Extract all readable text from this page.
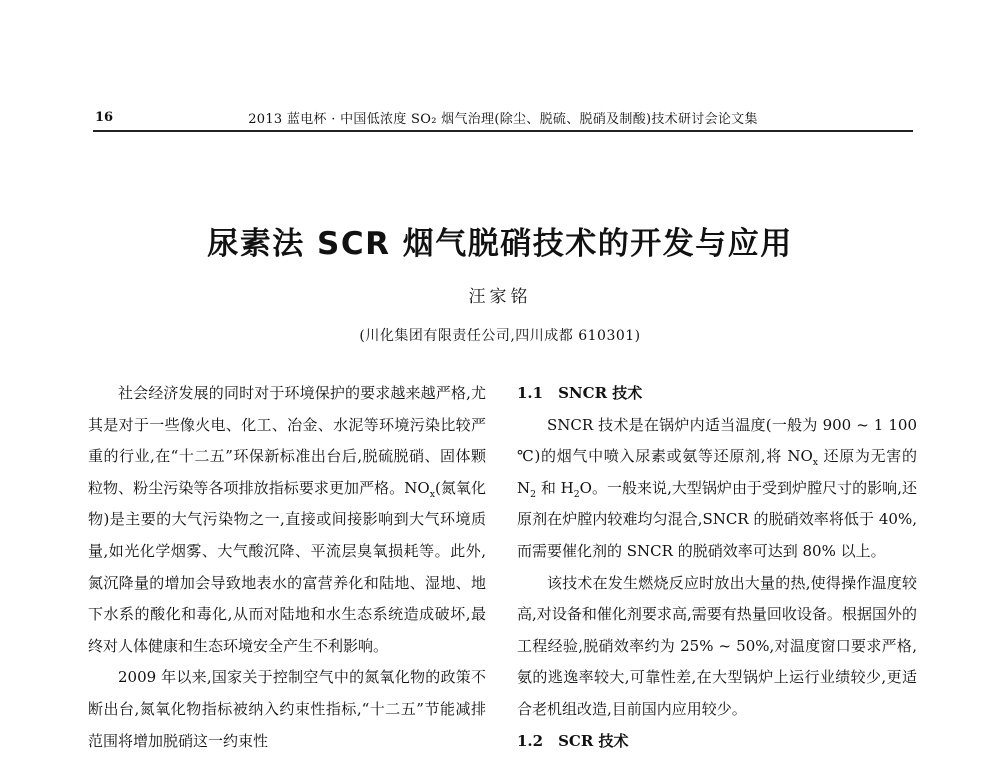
16	2013 蓝电杯 · 中国低浓度 SO₂ 烟气治理(除尘、脱硫、脱硝及制酸)技术研讨会论文集
尿素法 SCR 烟气脱硝技术的开发与应用
汪家铭
(川化集团有限责任公司,四川成都 610301)

社会经济发展的同时对于环境保护的要求越来越严格,尤其是对于一些像火电、化工、冶金、水泥等环境污染比较严重的行业,在“十二五”环保新标准出台后,脱硫脱硝、固体颗粒物、粉尘污染等各项排放指标要求更加严格。$NO_x$(氮氧化物)是主要的大气污染物之一,直接或间接影响到大气环境质量,如光化学烟雾、大气酸沉降、平流层臭氧损耗等。此外,氮沉降量的增加会导致地表水的富营养化和陆地、湿地、地下水系的酸化和毒化,从而对陆地和水生态系统造成破坏,最终对人体健康和生态环境安全产生不利影响。

2009 年以来,国家关于控制空气中的氮氧化物的政策不断出台,氮氧化物指标被纳入约束性指标,“十二五”节能减排范围将增加脱硝这一约束性

1.1　SNCR 技术

SNCR 技术是在锅炉内适当温度(一般为 900 ~ 1 100 ℃)的烟气中喷入尿素或氨等还原剂,将 $NO_x$ 还原为无害的 $N_2$ 和 $H_2O$。一般来说,大型锅炉由于受到炉膛尺寸的影响,还原剂在炉膛内较难均匀混合,SNCR 的脱硝效率将低于 40%,而需要催化剂的 SNCR 的脱硝效率可达到 80% 以上。

该技术在发生燃烧反应时放出大量的热,使得操作温度较高,对设备和催化剂要求高,需要有热量回收设备。根据国外的工程经验,脱硝效率约为 25% ~ 50%,对温度窗口要求严格,氨的逃逸率较大,可靠性差,在大型锅炉上运行业绩较少,更适合老机组改造,目前国内应用较少。

1.2　SCR 技术
